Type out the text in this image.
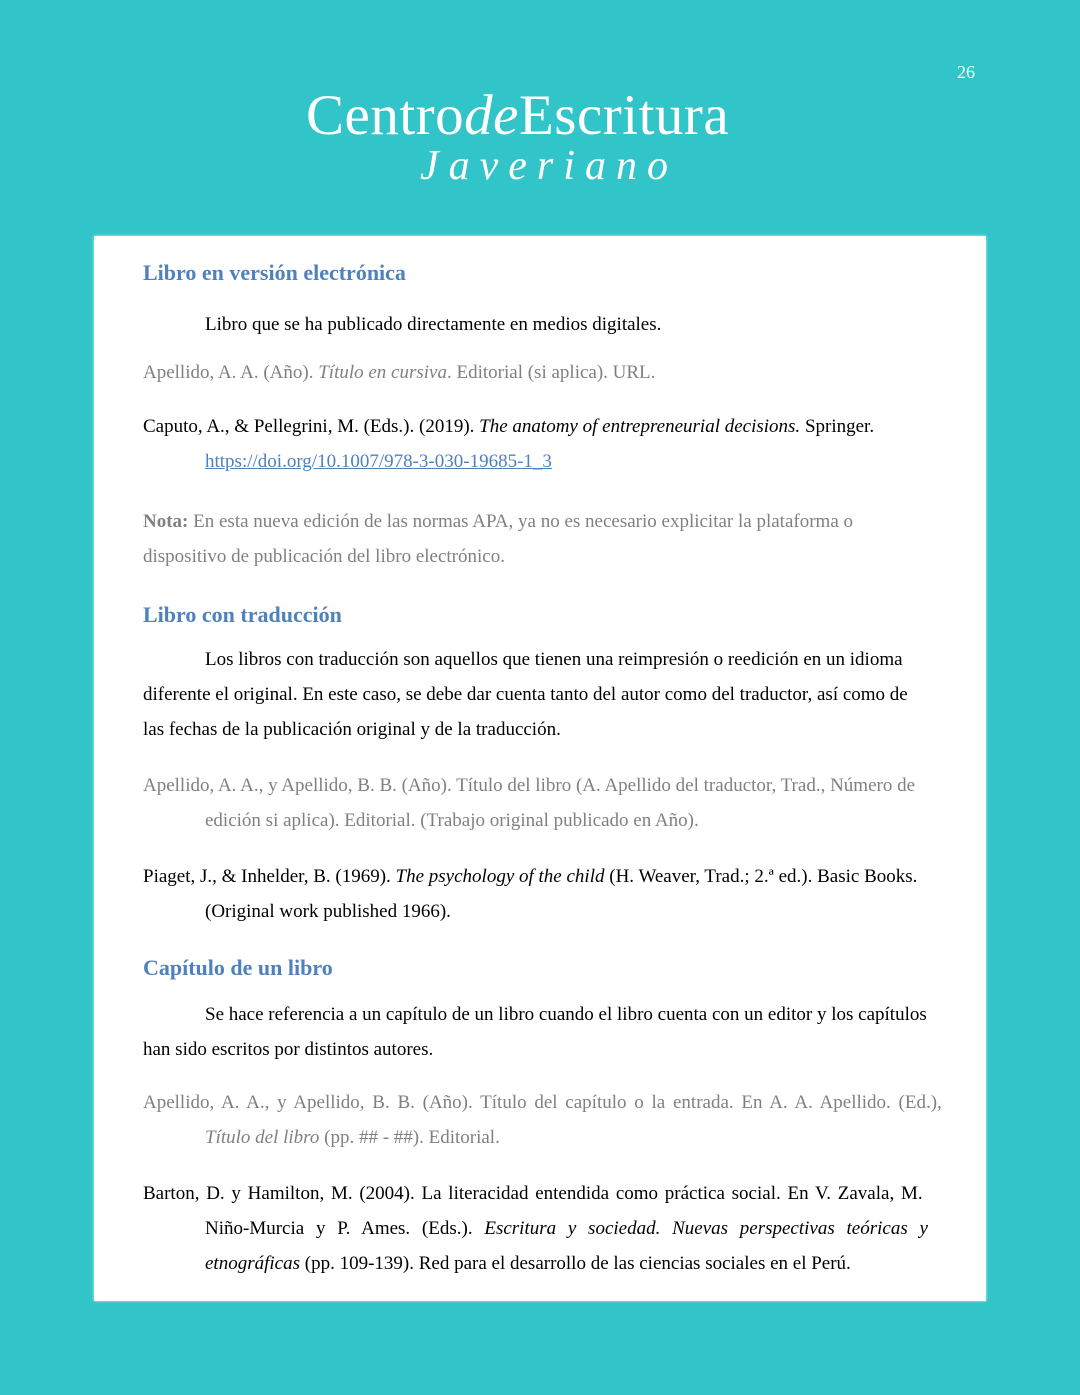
26
CentrodeEscritura
Javeriano
Libro en versión electrónica
Libro que se ha publicado directamente en medios digitales.
Apellido, A. A. (Año). Título en cursiva. Editorial (si aplica). URL.
Caputo, A., & Pellegrini, M. (Eds.). (2019). The anatomy of entrepreneurial decisions. Springer.
https://doi.org/10.1007/978-3-030-19685-1_3
Nota: En esta nueva edición de las normas APA, ya no es necesario explicitar la plataforma o
dispositivo de publicación del libro electrónico.
Libro con traducción
Los libros con traducción son aquellos que tienen una reimpresión o reedición en un idioma
diferente el original. En este caso, se debe dar cuenta tanto del autor como del traductor, así como de
las fechas de la publicación original y de la traducción.
Apellido, A. A., y Apellido, B. B. (Año). Título del libro (A. Apellido del traductor, Trad., Número de
edición si aplica). Editorial. (Trabajo original publicado en Año).
Piaget, J., & Inhelder, B. (1969). The psychology of the child (H. Weaver, Trad.; 2.ª ed.). Basic Books.
(Original work published 1966).
Capítulo de un libro
Se hace referencia a un capítulo de un libro cuando el libro cuenta con un editor y los capítulos
han sido escritos por distintos autores.
Apellido, A. A., y Apellido, B. B. (Año). Título del capítulo o la entrada. En A. A. Apellido. (Ed.),
Título del libro (pp. ## - ##). Editorial.
Barton, D. y Hamilton, M. (2004). La literacidad entendida como práctica social. En V. Zavala, M.
Niño-Murcia y P. Ames. (Eds.). Escritura y sociedad. Nuevas perspectivas teóricas y
etnográficas (pp. 109-139). Red para el desarrollo de las ciencias sociales en el Perú.
